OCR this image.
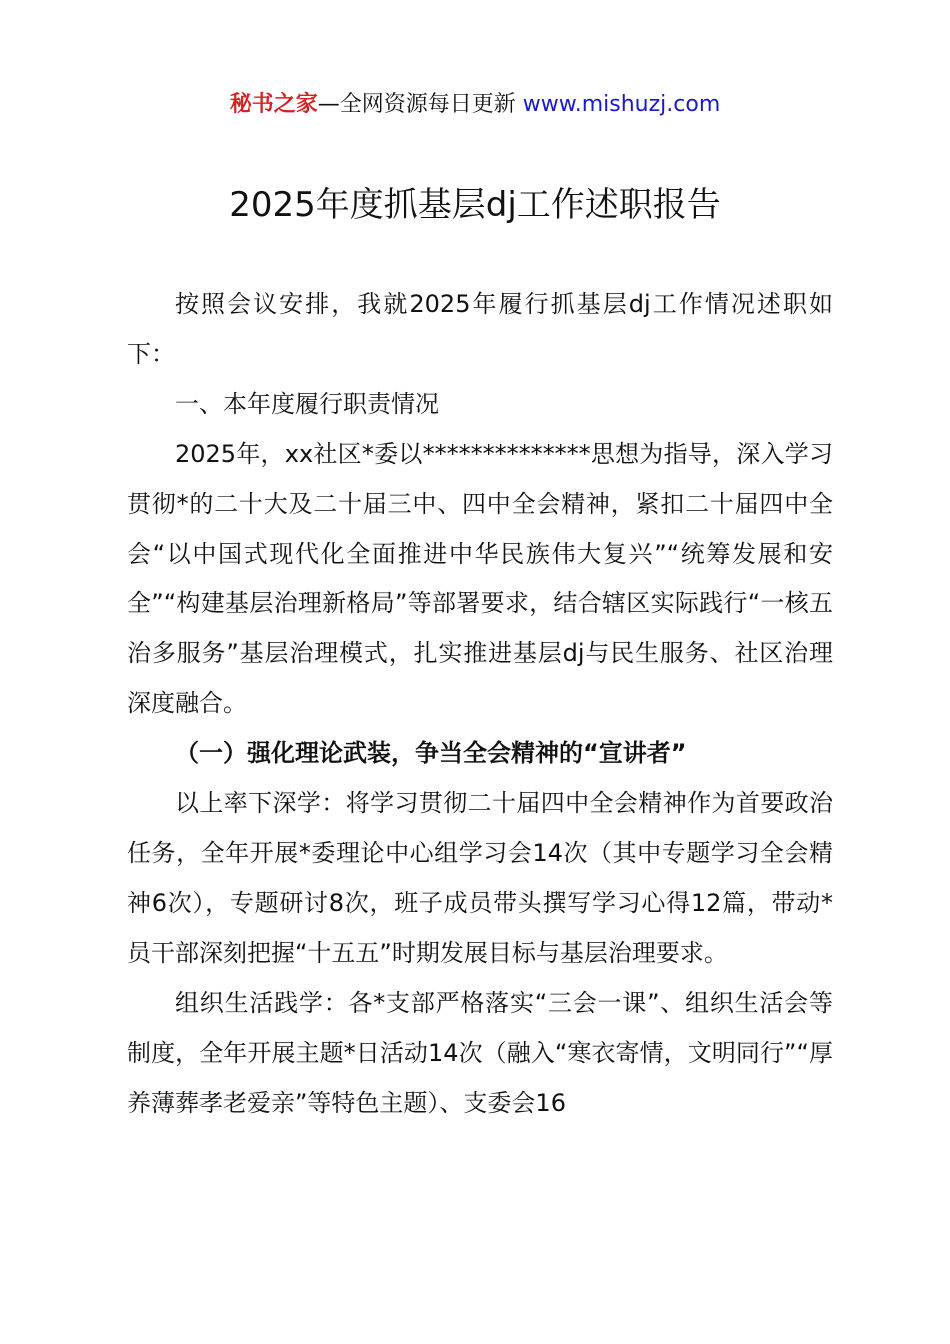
秘书之家—全网资源每日更新 www.mishuzj.com
2025年度抓基层dj工作述职报告

按照会议安排，我就2025年履行抓基层dj工作情况述职如下：

一、本年度履行职责情况

2025年，xx社区*委以**************思想为指导，深入学习贯彻*的二十大及二十届三中、四中全会精神，紧扣二十届四中全会“以中国式现代化全面推进中华民族伟大复兴”“统筹发展和安全”“构建基层治理新格局”等部署要求，结合辖区实际践行“一核五治多服务”基层治理模式，扎实推进基层dj与民生服务、社区治理深度融合。

（一）强化理论武装，争当全会精神的“宣讲者”

以上率下深学：将学习贯彻二十届四中全会精神作为首要政治任务，全年开展*委理论中心组学习会14次（其中专题学习全会精神6次），专题研讨8次，班子成员带头撰写学习心得12篇，带动*员干部深刻把握“十五五”时期发展目标与基层治理要求。

组织生活践学：各*支部严格落实“三会一课”、组织生活会等制度，全年开展主题*日活动14次（融入“寒衣寄情，文明同行”“厚养薄葬孝老爱亲”等特色主题）、支委会16
